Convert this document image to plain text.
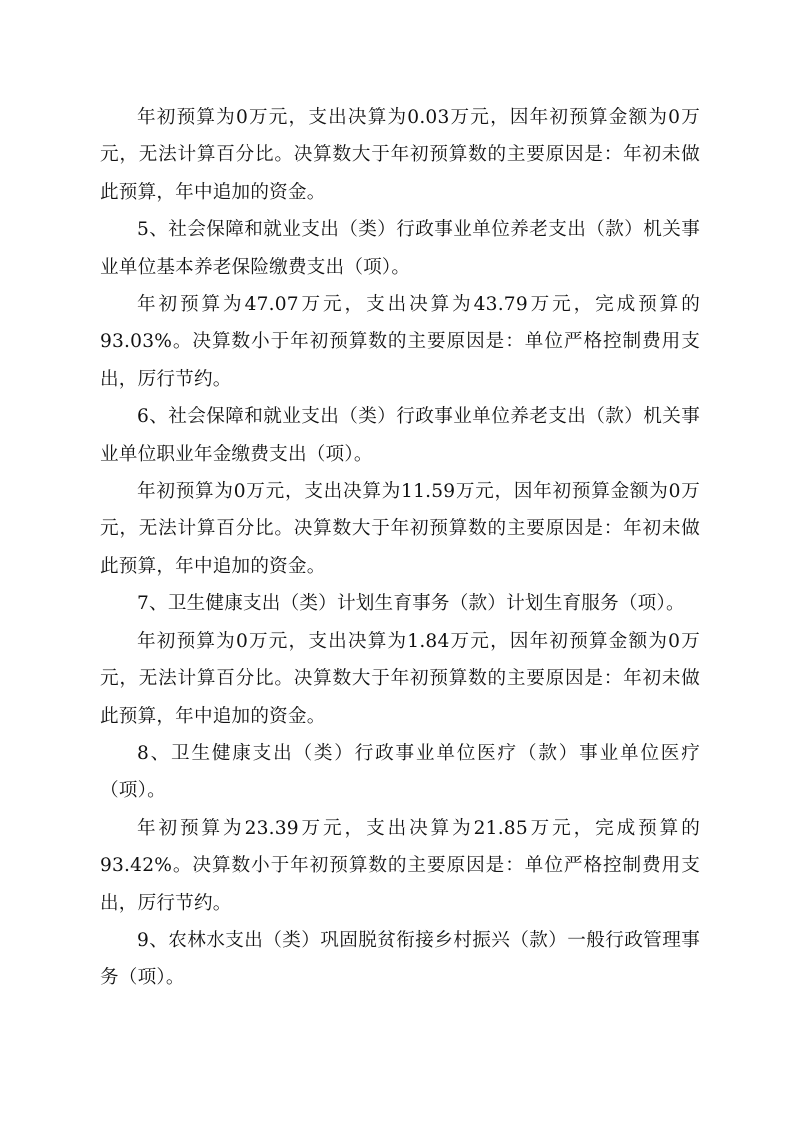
年初预算为0万元，支出决算为0.03万元，因年初预算金额为0万元，无法计算百分比。决算数大于年初预算数的主要原因是：年初未做此预算，年中追加的资金。

5、社会保障和就业支出（类）行政事业单位养老支出（款）机关事业单位基本养老保险缴费支出（项）。

年初预算为47.07万元，支出决算为43.79万元，完成预算的93.03%。决算数小于年初预算数的主要原因是：单位严格控制费用支出，厉行节约。

6、社会保障和就业支出（类）行政事业单位养老支出（款）机关事业单位职业年金缴费支出（项）。

年初预算为0万元，支出决算为11.59万元，因年初预算金额为0万元，无法计算百分比。决算数大于年初预算数的主要原因是：年初未做此预算，年中追加的资金。

7、卫生健康支出（类）计划生育事务（款）计划生育服务（项）。

年初预算为0万元，支出决算为1.84万元，因年初预算金额为0万元，无法计算百分比。决算数大于年初预算数的主要原因是：年初未做此预算，年中追加的资金。

8、卫生健康支出（类）行政事业单位医疗（款）事业单位医疗（项）。

年初预算为23.39万元，支出决算为21.85万元，完成预算的93.42%。决算数小于年初预算数的主要原因是：单位严格控制费用支出，厉行节约。

9、农林水支出（类）巩固脱贫衔接乡村振兴（款）一般行政管理事务（项）。
